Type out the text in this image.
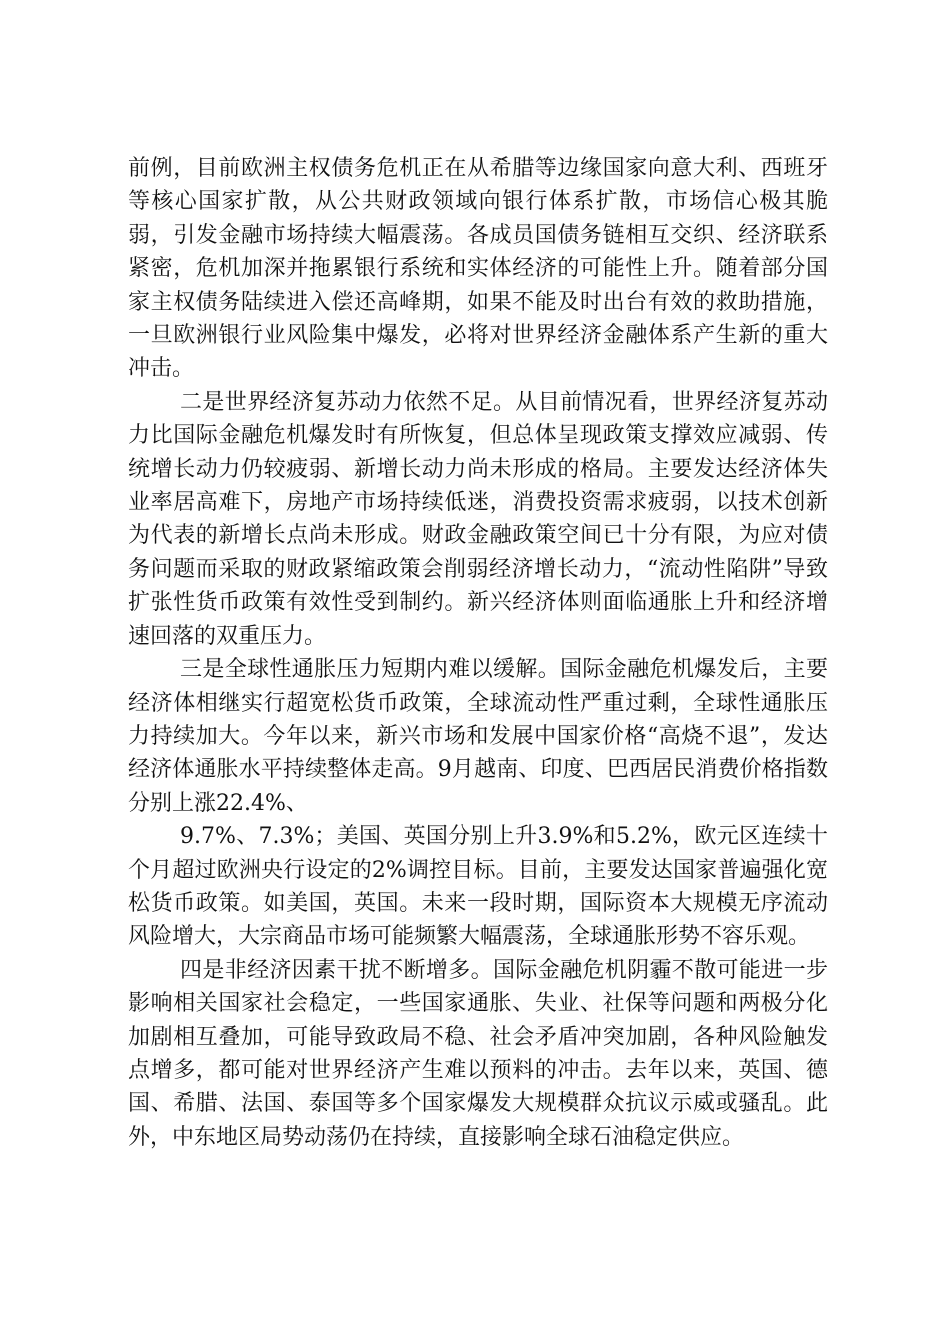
前例，目前欧洲主权债务危机正在从希腊等边缘国家向意大利、西班牙等核心国家扩散，从公共财政领域向银行体系扩散，市场信心极其脆弱，引发金融市场持续大幅震荡。各成员国债务链相互交织、经济联系紧密，危机加深并拖累银行系统和实体经济的可能性上升。随着部分国家主权债务陆续进入偿还高峰期，如果不能及时出台有效的救助措施，一旦欧洲银行业风险集中爆发，必将对世界经济金融体系产生新的重大冲击。

二是世界经济复苏动力依然不足。从目前情况看，世界经济复苏动力比国际金融危机爆发时有所恢复，但总体呈现政策支撑效应减弱、传统增长动力仍较疲弱、新增长动力尚未形成的格局。主要发达经济体失业率居高难下，房地产市场持续低迷，消费投资需求疲弱，以技术创新为代表的新增长点尚未形成。财政金融政策空间已十分有限，为应对债务问题而采取的财政紧缩政策会削弱经济增长动力，“流动性陷阱”导致扩张性货币政策有效性受到制约。新兴经济体则面临通胀上升和经济增速回落的双重压力。

三是全球性通胀压力短期内难以缓解。国际金融危机爆发后，主要经济体相继实行超宽松货币政策，全球流动性严重过剩，全球性通胀压力持续加大。今年以来，新兴市场和发展中国家价格“高烧不退”，发达经济体通胀水平持续整体走高。9月越南、印度、巴西居民消费价格指数分别上涨22.4%、

9.7%、7.3%；美国、英国分别上升3.9%和5.2%，欧元区连续十个月超过欧洲央行设定的2%调控目标。目前，主要发达国家普遍强化宽松货币政策。如美国，英国。未来一段时期，国际资本大规模无序流动风险增大，大宗商品市场可能频繁大幅震荡，全球通胀形势不容乐观。

四是非经济因素干扰不断增多。国际金融危机阴霾不散可能进一步影响相关国家社会稳定，一些国家通胀、失业、社保等问题和两极分化加剧相互叠加，可能导致政局不稳、社会矛盾冲突加剧，各种风险触发点增多，都可能对世界经济产生难以预料的冲击。去年以来，英国、德国、希腊、法国、泰国等多个国家爆发大规模群众抗议示威或骚乱。此外，中东地区局势动荡仍在持续，直接影响全球石油稳定供应。
